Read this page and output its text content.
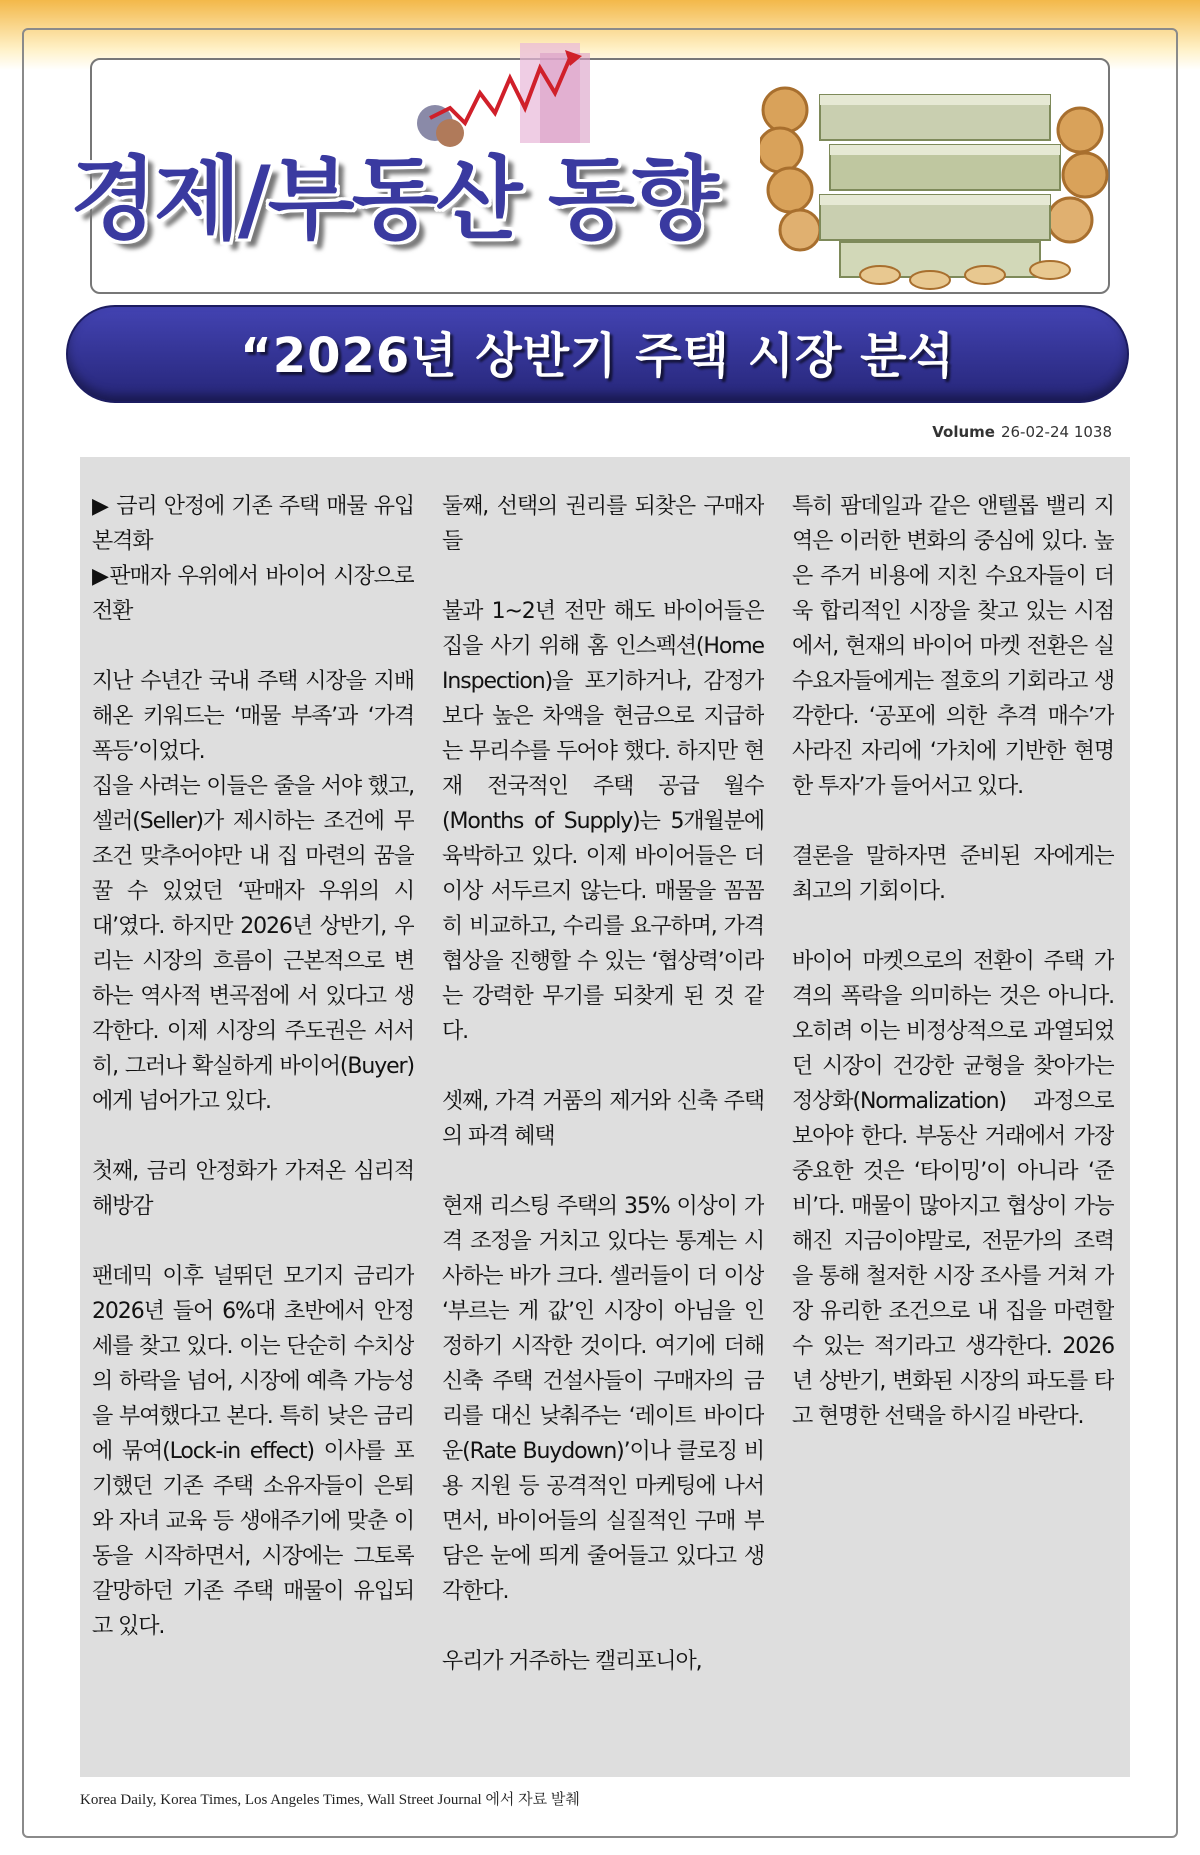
경제/부동산 동향
“2026년 상반기 주택 시장 분석
Volume 26-02-24 1038

▶ 금리 안정에 기존 주택 매물 유입 본격화

▶판매자 우위에서 바이어 시장으로 전환

지난 수년간 국내 주택 시장을 지배해온 키워드는 ‘매물 부족’과 ‘가격 폭등’이었다.

집을 사려는 이들은 줄을 서야 했고, 셀러(Seller)가 제시하는 조건에 무조건 맞추어야만 내 집 마련의 꿈을 꿀 수 있었던 ‘판매자 우위의 시대’였다. 하지만 2026년 상반기, 우리는 시장의 흐름이 근본적으로 변하는 역사적 변곡점에 서 있다고 생각한다. 이제 시장의 주도권은 서서히, 그러나 확실하게 바이어(Buyer)에게 넘어가고 있다.

첫째, 금리 안정화가 가져온 심리적 해방감

팬데믹 이후 널뛰던 모기지 금리가 2026년 들어 6%대 초반에서 안정세를 찾고 있다. 이는 단순히 수치상의 하락을 넘어, 시장에 예측 가능성을 부여했다고 본다. 특히 낮은 금리에 묶여(Lock-in effect) 이사를 포기했던 기존 주택 소유자들이 은퇴와 자녀 교육 등 생애주기에 맞춘 이동을 시작하면서, 시장에는 그토록 갈망하던 기존 주택 매물이 유입되고 있다.

둘째, 선택의 권리를 되찾은 구매자들

불과 1~2년 전만 해도 바이어들은 집을 사기 위해 홈 인스펙션(Home Inspection)을 포기하거나, 감정가보다 높은 차액을 현금으로 지급하는 무리수를 두어야 했다. 하지만 현재 전국적인 주택 공급 월수(Months of Supply)는 5개월분에 육박하고 있다. 이제 바이어들은 더 이상 서두르지 않는다. 매물을 꼼꼼히 비교하고, 수리를 요구하며, 가격 협상을 진행할 수 있는 ‘협상력’이라는 강력한 무기를 되찾게 된 것 같다.

셋째, 가격 거품의 제거와 신축 주택의 파격 혜택

현재 리스팅 주택의 35% 이상이 가격 조정을 거치고 있다는 통계는 시사하는 바가 크다. 셀러들이 더 이상 ‘부르는 게 값’인 시장이 아님을 인정하기 시작한 것이다. 여기에 더해 신축 주택 건설사들이 구매자의 금리를 대신 낮춰주는 ‘레이트 바이다운(Rate Buydown)’이나 클로징 비용 지원 등 공격적인 마케팅에 나서면서, 바이어들의 실질적인 구매 부담은 눈에 띄게 줄어들고 있다고 생각한다.

우리가 거주하는 캘리포니아,

특히 팜데일과 같은 앤텔롭 밸리 지역은 이러한 변화의 중심에 있다. 높은 주거 비용에 지친 수요자들이 더욱 합리적인 시장을 찾고 있는 시점에서, 현재의 바이어 마켓 전환은 실수요자들에게는 절호의 기회라고 생각한다. ‘공포에 의한 추격 매수’가 사라진 자리에 ‘가치에 기반한 현명한 투자’가 들어서고 있다.

결론을 말하자면 준비된 자에게는 최고의 기회이다.

바이어 마켓으로의 전환이 주택 가격의 폭락을 의미하는 것은 아니다. 오히려 이는 비정상적으로 과열되었던 시장이 건강한 균형을 찾아가는 정상화(Normalization) 과정으로 보아야 한다. 부동산 거래에서 가장 중요한 것은 ‘타이밍’이 아니라 ‘준비’다. 매물이 많아지고 협상이 가능해진 지금이야말로, 전문가의 조력을 통해 철저한 시장 조사를 거쳐 가장 유리한 조건으로 내 집을 마련할 수 있는 적기라고 생각한다. 2026년 상반기, 변화된 시장의 파도를 타고 현명한 선택을 하시길 바란다.

Korea Daily, Korea Times, Los Angeles Times, Wall Street Journal 에서 자료 발췌
